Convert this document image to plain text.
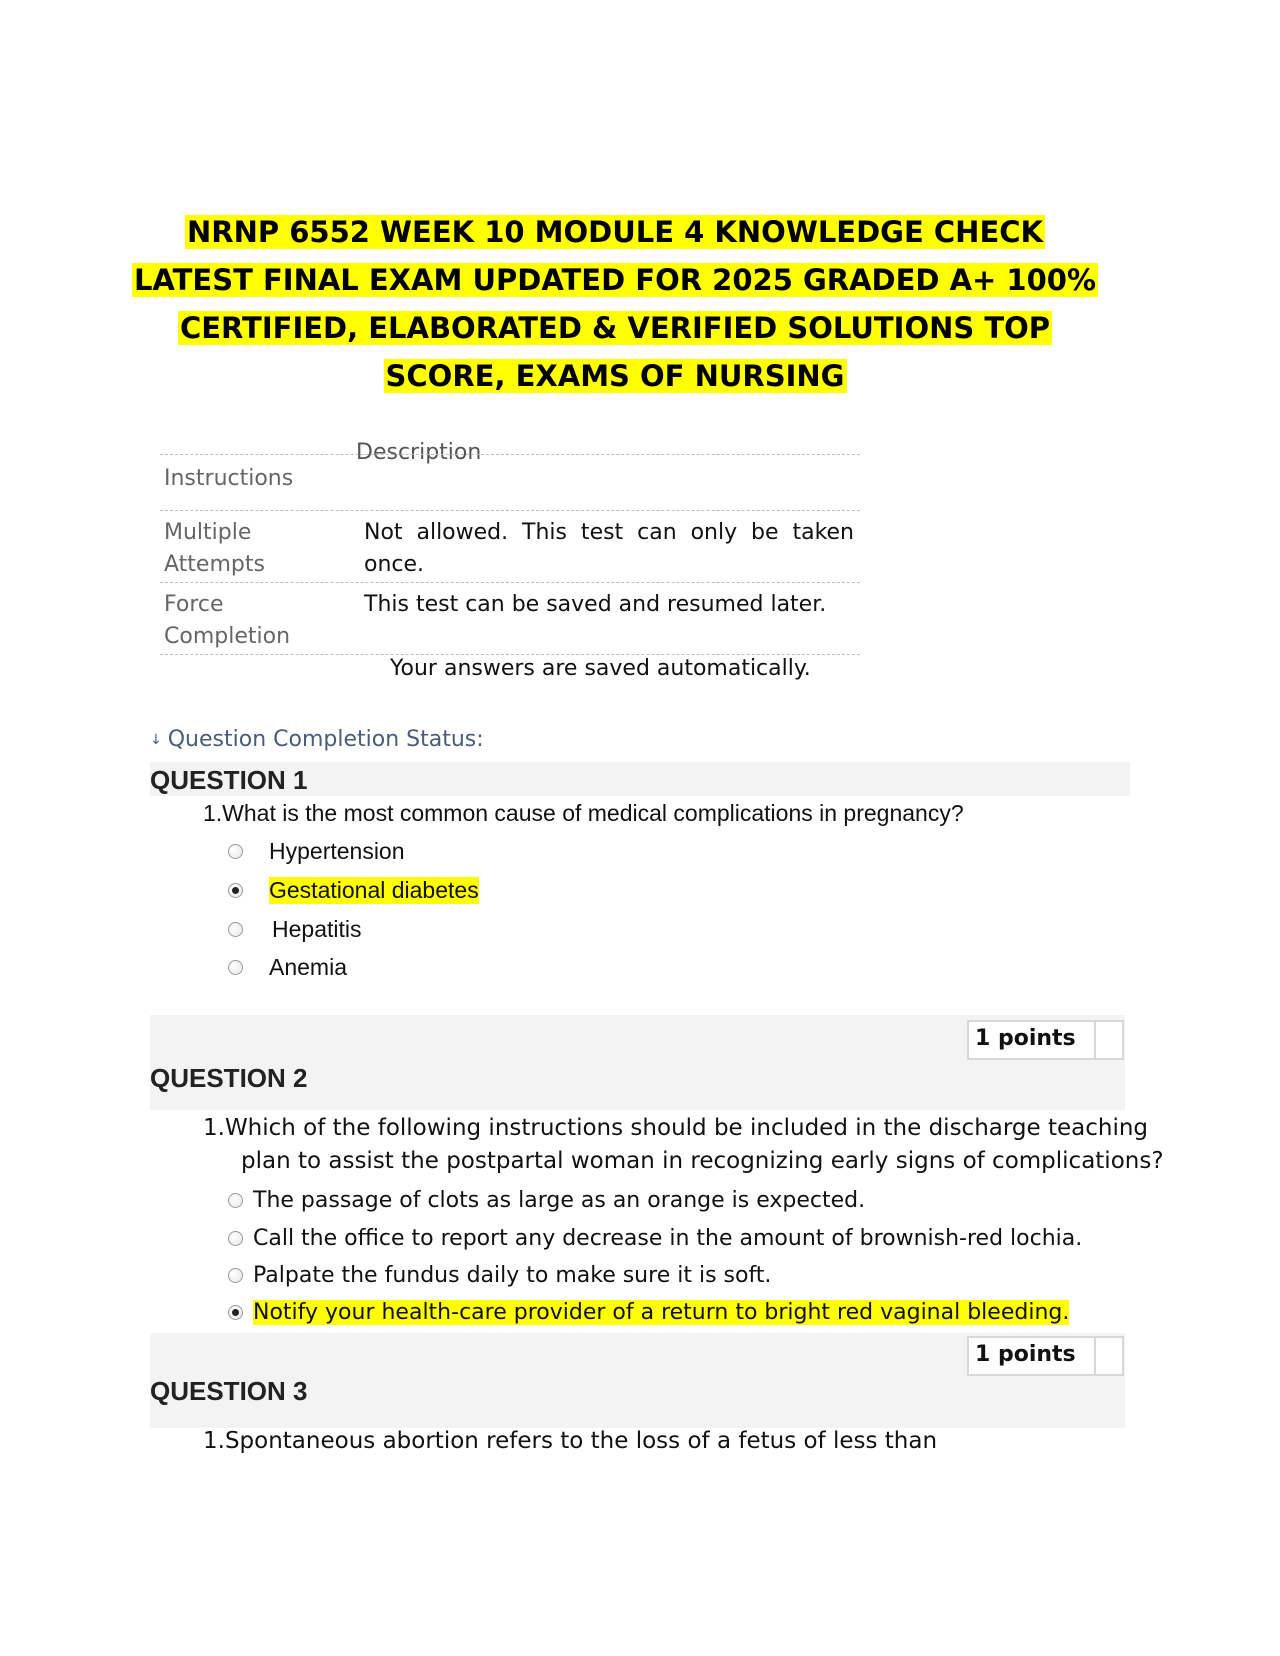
NRNP 6552 WEEK 10 MODULE 4 KNOWLEDGE CHECK
LATEST FINAL EXAM UPDATED FOR 2025 GRADED A+ 100%
CERTIFIED, ELABORATED & VERIFIED SOLUTIONS TOP
SCORE, EXAMS OF NURSING
Description
Instructions
Multiple Attempts
Not allowed. This test can only be taken once.
Force Completion
This test can be saved and resumed later.
Your answers are saved automatically.
↓ Question Completion Status:
QUESTION 1
1.What is the most common cause of medical complications in pregnancy?
Hypertension
Gestational diabetes
Hepatitis
Anemia
1 points
QUESTION 2
1.Which of the following instructions should be included in the discharge teaching
plan to assist the postpartal woman in recognizing early signs of complications?
The passage of clots as large as an orange is expected.
Call the office to report any decrease in the amount of brownish-red lochia.
Palpate the fundus daily to make sure it is soft.
Notify your health-care provider of a return to bright red vaginal bleeding.
1 points
QUESTION 3
1.Spontaneous abortion refers to the loss of a fetus of less than
